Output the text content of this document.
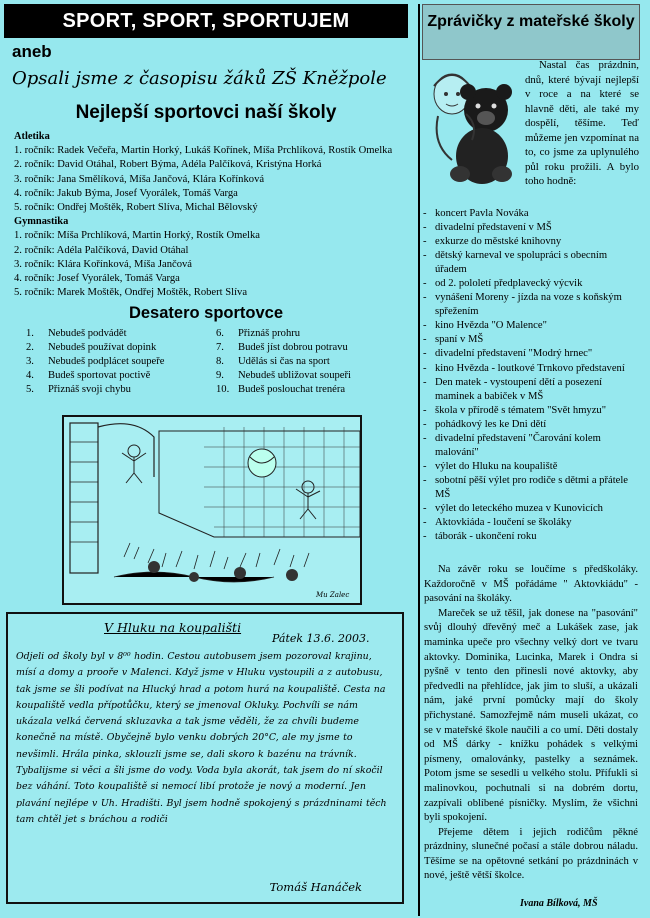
SPORT, SPORT, SPORTUJEM
aneb
Opsali jsme z časopisu žáků ZŠ Kněžpole
Nejlepší sportovci naší školy
Atletika
1. ročník: Radek Večeřa, Martin Horký, Lukáš Kořínek, Míša Prchlíková, Rostík Omelka
2. ročník: David Otáhal, Robert Býma, Adéla Palčíková, Kristýna Horká
3. ročník: Jana Smělíková, Míša Jančová, Klára Kořínková
4. ročník: Jakub Býma, Josef Vyorálek, Tomáš Varga
5. ročník: Ondřej Moštěk, Robert Slíva, Michal Bělovský
Gymnastika
1. ročník: Míša Prchlíková, Martin Horký, Rostík Omelka
2. ročník: Adéla Palčíková, David Otáhal
3. ročník: Klára Kořínková, Míša Jančová
4. ročník: Josef Vyorálek, Tomáš Varga
5. ročník: Marek Moštěk, Ondřej Moštěk, Robert Slíva
Desatero sportovce
1.	Nebudeš podvádět	6.	Přiznáš prohru
2.	Nebudeš používat dopink	7.	Budeš jíst dobrou potravu
3.	Nebudeš podplácet soupeře	8.	Udělás si čas na sport
4.	Budeš sportovat poctivě	9.	Nebudeš ubližovat soupeři
5.	Přiznáš svoji chybu	10. Budeš poslouchat trenéra
Mu Zalec
V Hluku na koupališti
Pátek 13.6. 2003.
Odjeli od školy byl v 8⁰⁰ hodin. Cestou autobusem jsem pozoroval krajinu, mísí a domy a prooře v Malenci. Když jsme v Hluku vystoupili a z autobusu, tak jsme se šli podívat na Hlucký hrad a potom hurá na koupaliště. Cesta na koupaliště vedla přípotůčku, který se jmenoval Okluky. Pochvíli se nám ukázala velká červená skluzavka a tak jsme věděli, že za chvíli budeme konečně na místě. Obyčejně bylo venku dobrých 20°C, ale my jsme to nevšimli. Hrála pinka, sklouzli jsme se, dali skoro k bazénu na trávník. Tybalijsme si věci a šli jsme do vody. Voda byla akorát, tak jsem do ní skočil bez váhání. Toto koupaliště si nemocí libí protože je nový a moderní. Jen plavání nejlépe v Uh. Hradišti. Byl jsem hodně spokojený s prázdninami těch tam chtěl jet s bráchou a rodiči
Tomáš Hanáček
Zprávičky z mateřské školy

Nastal čas prázdnin, dnů, které bývají nejlepší v roce a na které se hlavně děti, ale také my dospělí, těšíme. Teď můžeme jen vzpomínat na to, co jsme za uplynulého půl roku prožili. A bylo toho hodně:

- koncert Pavla Nováka
- divadelní představení v MŠ
- exkurze do městské knihovny
- dětský karneval ve spolupráci s obecním úřadem
- od 2. pololetí předplavecký výcvik
- vynášení Moreny - jízda na voze s koňským spřežením
- kino Hvězda "O Malence"
- spaní v MŠ
- divadelní představení "Modrý hrnec"
- kino Hvězda - loutkové Trnkovo představení
- Den matek - vystoupení dětí a posezení maminek a babiček v MŠ
- škola v přírodě s tématem "Svět hmyzu"
- pohádkový les ke Dni dětí
- divadelní představení "Čarování kolem malování"
- výlet do Hluku na koupaliště
- sobotní pěší výlet pro rodiče s dětmi a přátele MŠ
- výlet do leteckého muzea v Kunovicích
- Aktovkiáda - loučení se školáky
- táborák - ukončení roku

Na závěr roku se loučíme s předškoláky. Každoročně v MŠ pořádáme " Aktovkiádu" - pasování na školáky.

Mareček se už těšil, jak donese na "pasování" svůj dlouhý dřevěný meč a Lukášek zase, jak maminka upeče pro všechny velký dort ve tvaru aktovky. Dominika, Lucinka, Marek i Ondra si pyšně v tento den přinesli nové aktovky, aby předvedli na přehlídce, jak jim to sluší, a ukázali nám, jaké první pomůcky mají do školy přichystané. Samozřejmě nám museli ukázat, co se v mateřské škole naučili a co umí. Děti dostaly od MŠ dárky - knížku pohádek s velkými písmeny, omalovánky, pastelky a seznámek. Potom jsme se sesedli u velkého stolu. Přífukli si malinovkou, pochutnali si na dobrém dortu, zazpívali oblíbené písničky. Myslím, že všichni byli spokojení.

Přejeme dětem i jejich rodičům pěkné prázdniny, slunečné počasí a stále dobrou náladu. Těšíme se na opětovné setkání po prázdninách v nové, ještě větší školce.

Ivana Bílková, MŠ
